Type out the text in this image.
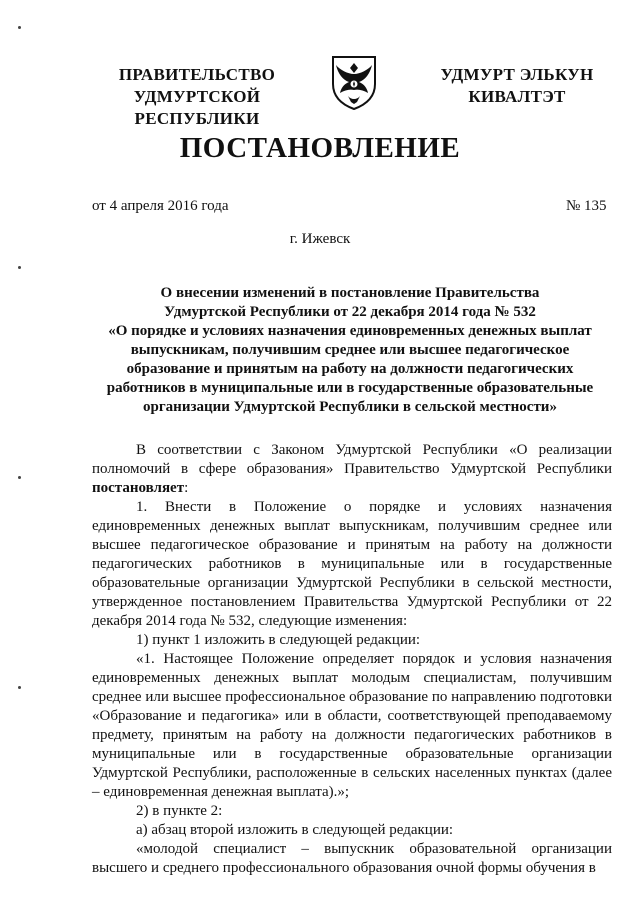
ПРАВИТЕЛЬСТВО
УДМУРТСКОЙ РЕСПУБЛИКИ
УДМУРТ ЭЛЬКУН
КИВАЛТЭТ
ПОСТАНОВЛЕНИЕ
от 4 апреля 2016 года	№ 135
г. Ижевск
О внесении изменений в постановление Правительства
Удмуртской Республики от 22 декабря 2014 года № 532
«О порядке и условиях назначения единовременных денежных выплат
выпускникам, получившим среднее или высшее педагогическое
образование и принятым на работу на должности педагогических
работников в муниципальные или в государственные образовательные
организации Удмуртской Республики в сельской местности»

В соответствии с Законом Удмуртской Республики «О реализации полномочий в сфере образования» Правительство Удмуртской Республики постановляет:

1. Внести в Положение о порядке и условиях назначения единовременных денежных выплат выпускникам, получившим среднее или высшее педагогическое образование и принятым на работу на должности педагогических работников в муниципальные или в государственные образовательные организации Удмуртской Республики в сельской местности, утвержденное постановлением Правительства Удмуртской Республики от 22 декабря 2014 года № 532, следующие изменения:

1) пункт 1 изложить в следующей редакции:

«1. Настоящее Положение определяет порядок и условия назначения единовременных денежных выплат молодым специалистам, получившим среднее или высшее профессиональное образование по направлению подготовки «Образование и педагогика» или в области, соответствующей преподаваемому предмету, принятым на работу на должности педагогических работников в муниципальные или в государственные образовательные организации Удмуртской Республики, расположенные в сельских населенных пунктах (далее – единовременная денежная выплата).»;

2) в пункте 2:

а) абзац второй изложить в следующей редакции:

«молодой специалист – выпускник образовательной организации высшего и среднего профессионального образования очной формы обучения в
